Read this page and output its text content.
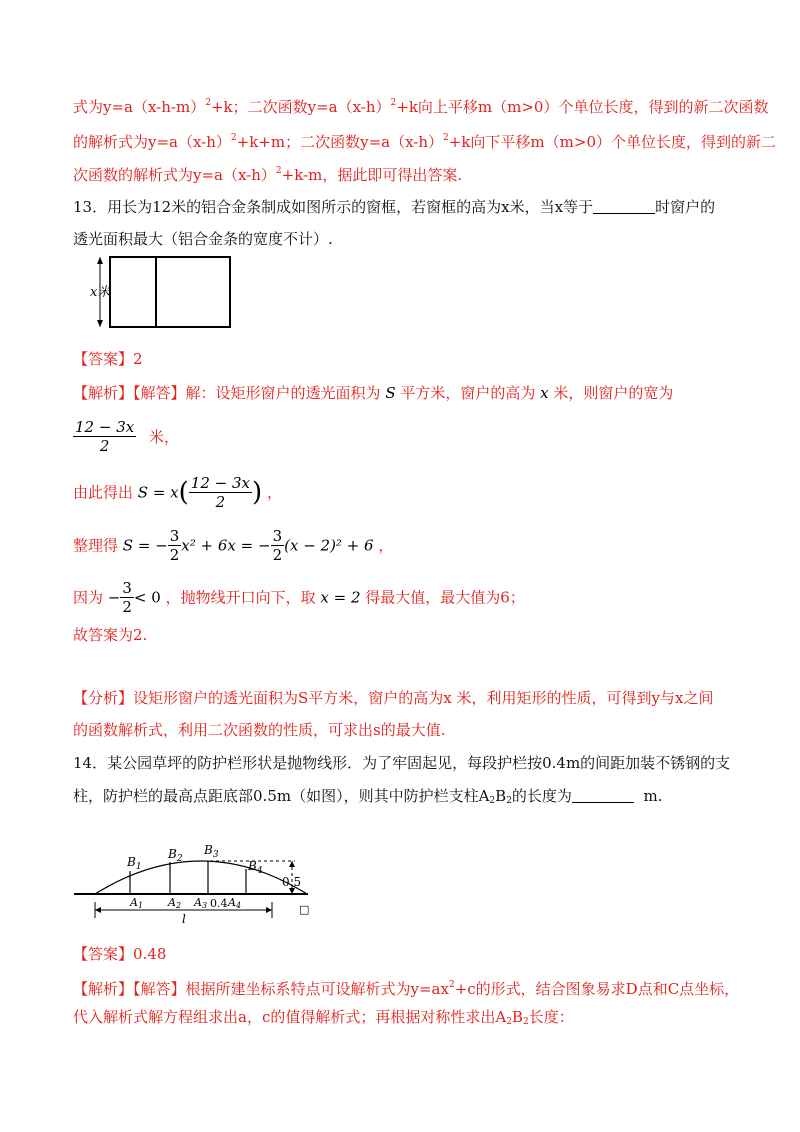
式为$y=a(x-h-m)^2+k$；二次函数$y=a(x-h)^2+k$向上平移m（m>0）个单位长度，得到的新二次函数
的解析式为$y=a(x-h)^2+k+m$；二次函数$y=a(x-h)^2+k$向下平移m（m>0）个单位长度，得到的新二
次函数的解析式为$y=a(x-h)^2+k-m$，据此即可得出答案.
13．用长为12米的铝合金条制成如图所示的窗框，若窗框的高为x米，当x等于	时窗户的
透光面积最大（铝合金条的宽度不计）.
x米
【答案】2
【解析】【解答】解：设矩形窗户的透光面积为 S 平方米，窗户的高为 x 米，则窗户的宽为
$\frac{12 - 3x}{2}$ 米，
由此得出 $S = x( \frac{12 - 3x}{2}$ ) ，
整理得 S = − $\frac{3}{2} x^2 + 6x$ = − $\frac{3}{2} (x - 2)^2 + 6$ ，
因为 − $\frac{3}{2} < 0$ ，抛物线开口向下，取 x = 2 得最大值，最大值为6；
故答案为2.
【分析】设矩形窗户的透光面积为S平方米，窗户的高为x 米，利用矩形的性质，可得到y与x之间
的函数解析式，利用二次函数的性质，可求出s的最大值.
14．某公园草坪的防护栏形状是抛物线形．为了牢固起见，每段护栏按0.4m的间距加装不锈钢的支
柱，防护栏的最高点距底部0.5m（如图），则其中防护栏支柱$A_2B_2$的长度为	m.
0.5
l
0.4	□
$B_1$
$B_2$
$B_3$
$B_4$
A1 A2 A3 A4
【答案】0.48
【解析】【解答】根据所建坐标系特点可设解析式为$y=ax^2+c$的形式，结合图象易求D点和C点坐标，
代入解析式解方程组求出a，c的值得解析式；再根据对称性求出$A_2B_2$长度：
